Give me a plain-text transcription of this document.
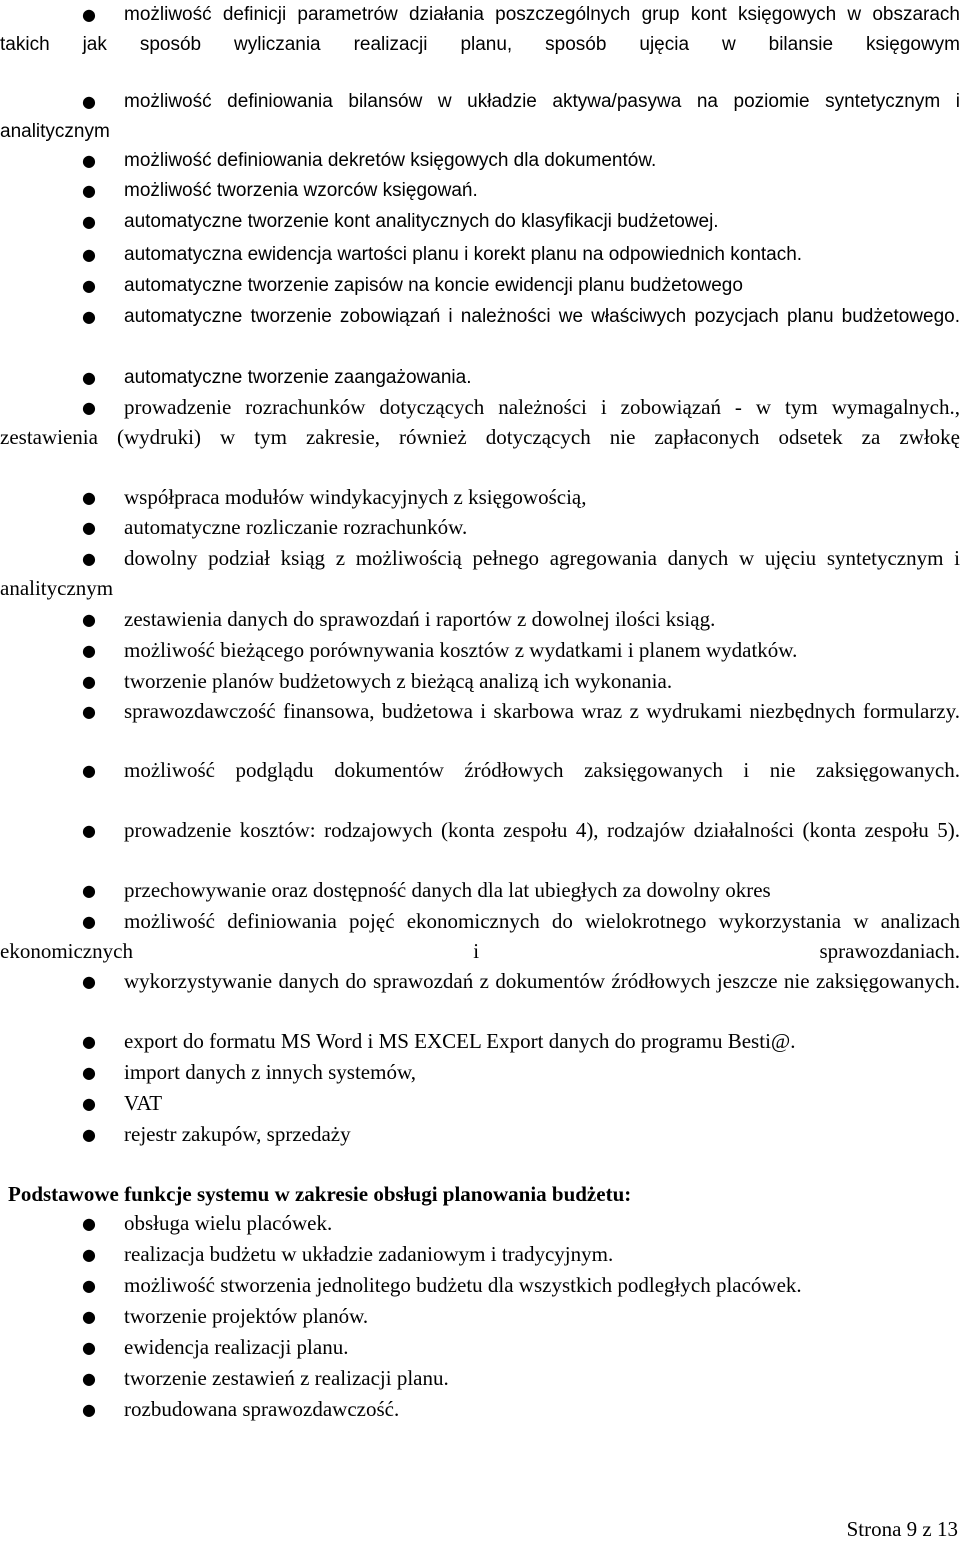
● możliwość definicji parametrów działania poszczególnych grup kont księgowych w obszarach takich jak sposób wyliczania realizacji planu, sposób ujęcia w bilansie księgowym
● możliwość definiowania bilansów w układzie aktywa/pasywa na poziomie syntetycznym i analitycznym
● możliwość definiowania dekretów księgowych dla dokumentów.
● możliwość tworzenia wzorców księgowań.
● automatyczne tworzenie kont analitycznych do klasyfikacji budżetowej.
● automatyczna ewidencja wartości planu i korekt planu na odpowiednich kontach.
● automatyczne tworzenie zapisów na koncie ewidencji planu budżetowego
● automatyczne tworzenie zobowiązań i należności we właściwych pozycjach planu budżetowego.
● automatyczne tworzenie zaangażowania.
● prowadzenie rozrachunków dotyczących należności i zobowiązań - w tym wymagalnych., zestawienia (wydruki) w tym zakresie, również dotyczących nie zapłaconych odsetek za zwłokę
● współpraca modułów windykacyjnych z księgowością,
● automatyczne rozliczanie rozrachunków.
● dowolny podział ksiąg z możliwością pełnego agregowania danych w ujęciu syntetycznym i analitycznym
● zestawienia danych do sprawozdań i raportów z dowolnej ilości ksiąg.
● możliwość bieżącego porównywania kosztów z wydatkami i planem wydatków.
● tworzenie planów budżetowych z bieżącą analizą ich wykonania.
● sprawozdawczość finansowa, budżetowa i skarbowa wraz z wydrukami niezbędnych formularzy.
● możliwość podglądu dokumentów źródłowych zaksięgowanych i nie zaksięgowanych.
● prowadzenie kosztów: rodzajowych (konta zespołu 4), rodzajów działalności (konta zespołu 5).
● przechowywanie oraz dostępność danych dla lat ubiegłych za dowolny okres
● możliwość definiowania pojęć ekonomicznych do wielokrotnego wykorzystania w analizach ekonomicznych i sprawozdaniach.
● wykorzystywanie danych do sprawozdań z dokumentów źródłowych jeszcze nie zaksięgowanych.
● export do formatu MS Word i MS EXCEL Export danych do programu Besti@.
● import danych z innych systemów,
● VAT
● rejestr zakupów, sprzedaży
Podstawowe funkcje systemu w zakresie obsługi planowania budżetu:
● obsługa wielu placówek.
● realizacja budżetu w układzie zadaniowym i tradycyjnym.
● możliwość stworzenia jednolitego budżetu dla wszystkich podległych placówek.
● tworzenie projektów planów.
● ewidencja realizacji planu.
● tworzenie zestawień z realizacji planu.
● rozbudowana sprawozdawczość.
Strona 9 z 13
